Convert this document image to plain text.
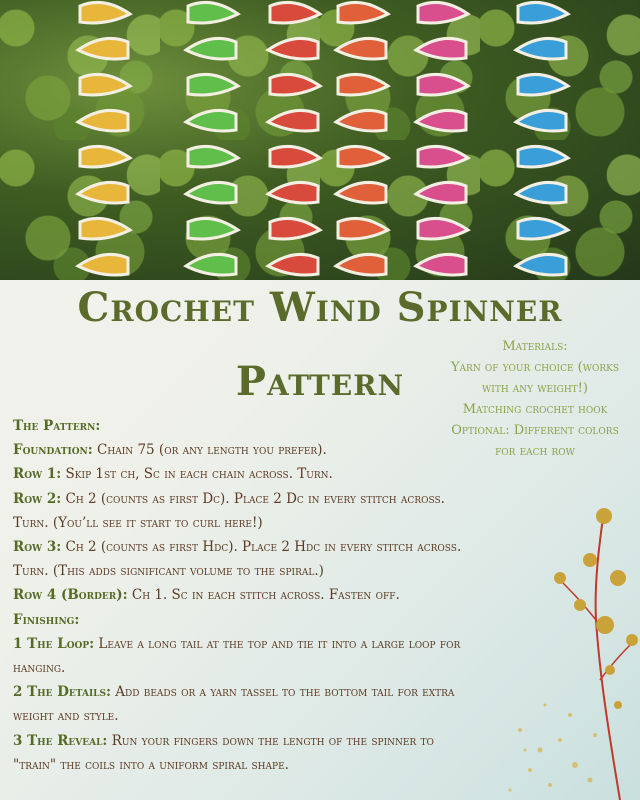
Crochet Wind Spinner
Pattern
Materials:
Yarn of your choice (works
with any weight!)
Matching crochet hook
Optional: Different colors
for each row
The Pattern:
Foundation: Chain 75 (or any length you prefer).
Row 1: Skip 1st ch, Sc in each chain across. Turn.
Row 2: Ch 2 (counts as first Dc). Place 2 Dc in every stitch across.
Turn. (You’ll see it start to curl here!)
Row 3: Ch 2 (counts as first Hdc). Place 2 Hdc in every stitch across.
Turn. (This adds significant volume to the spiral.)
Row 4 (Border): Ch 1. Sc in each stitch across. Fasten off.
Finishing:
1 The Loop: Leave a long tail at the top and tie it into a large loop for
hanging.
2 The Details: Add beads or a yarn tassel to the bottom tail for extra
weight and style.
3 The Reveal: Run your fingers down the length of the spinner to
"train" the coils into a uniform spiral shape.
